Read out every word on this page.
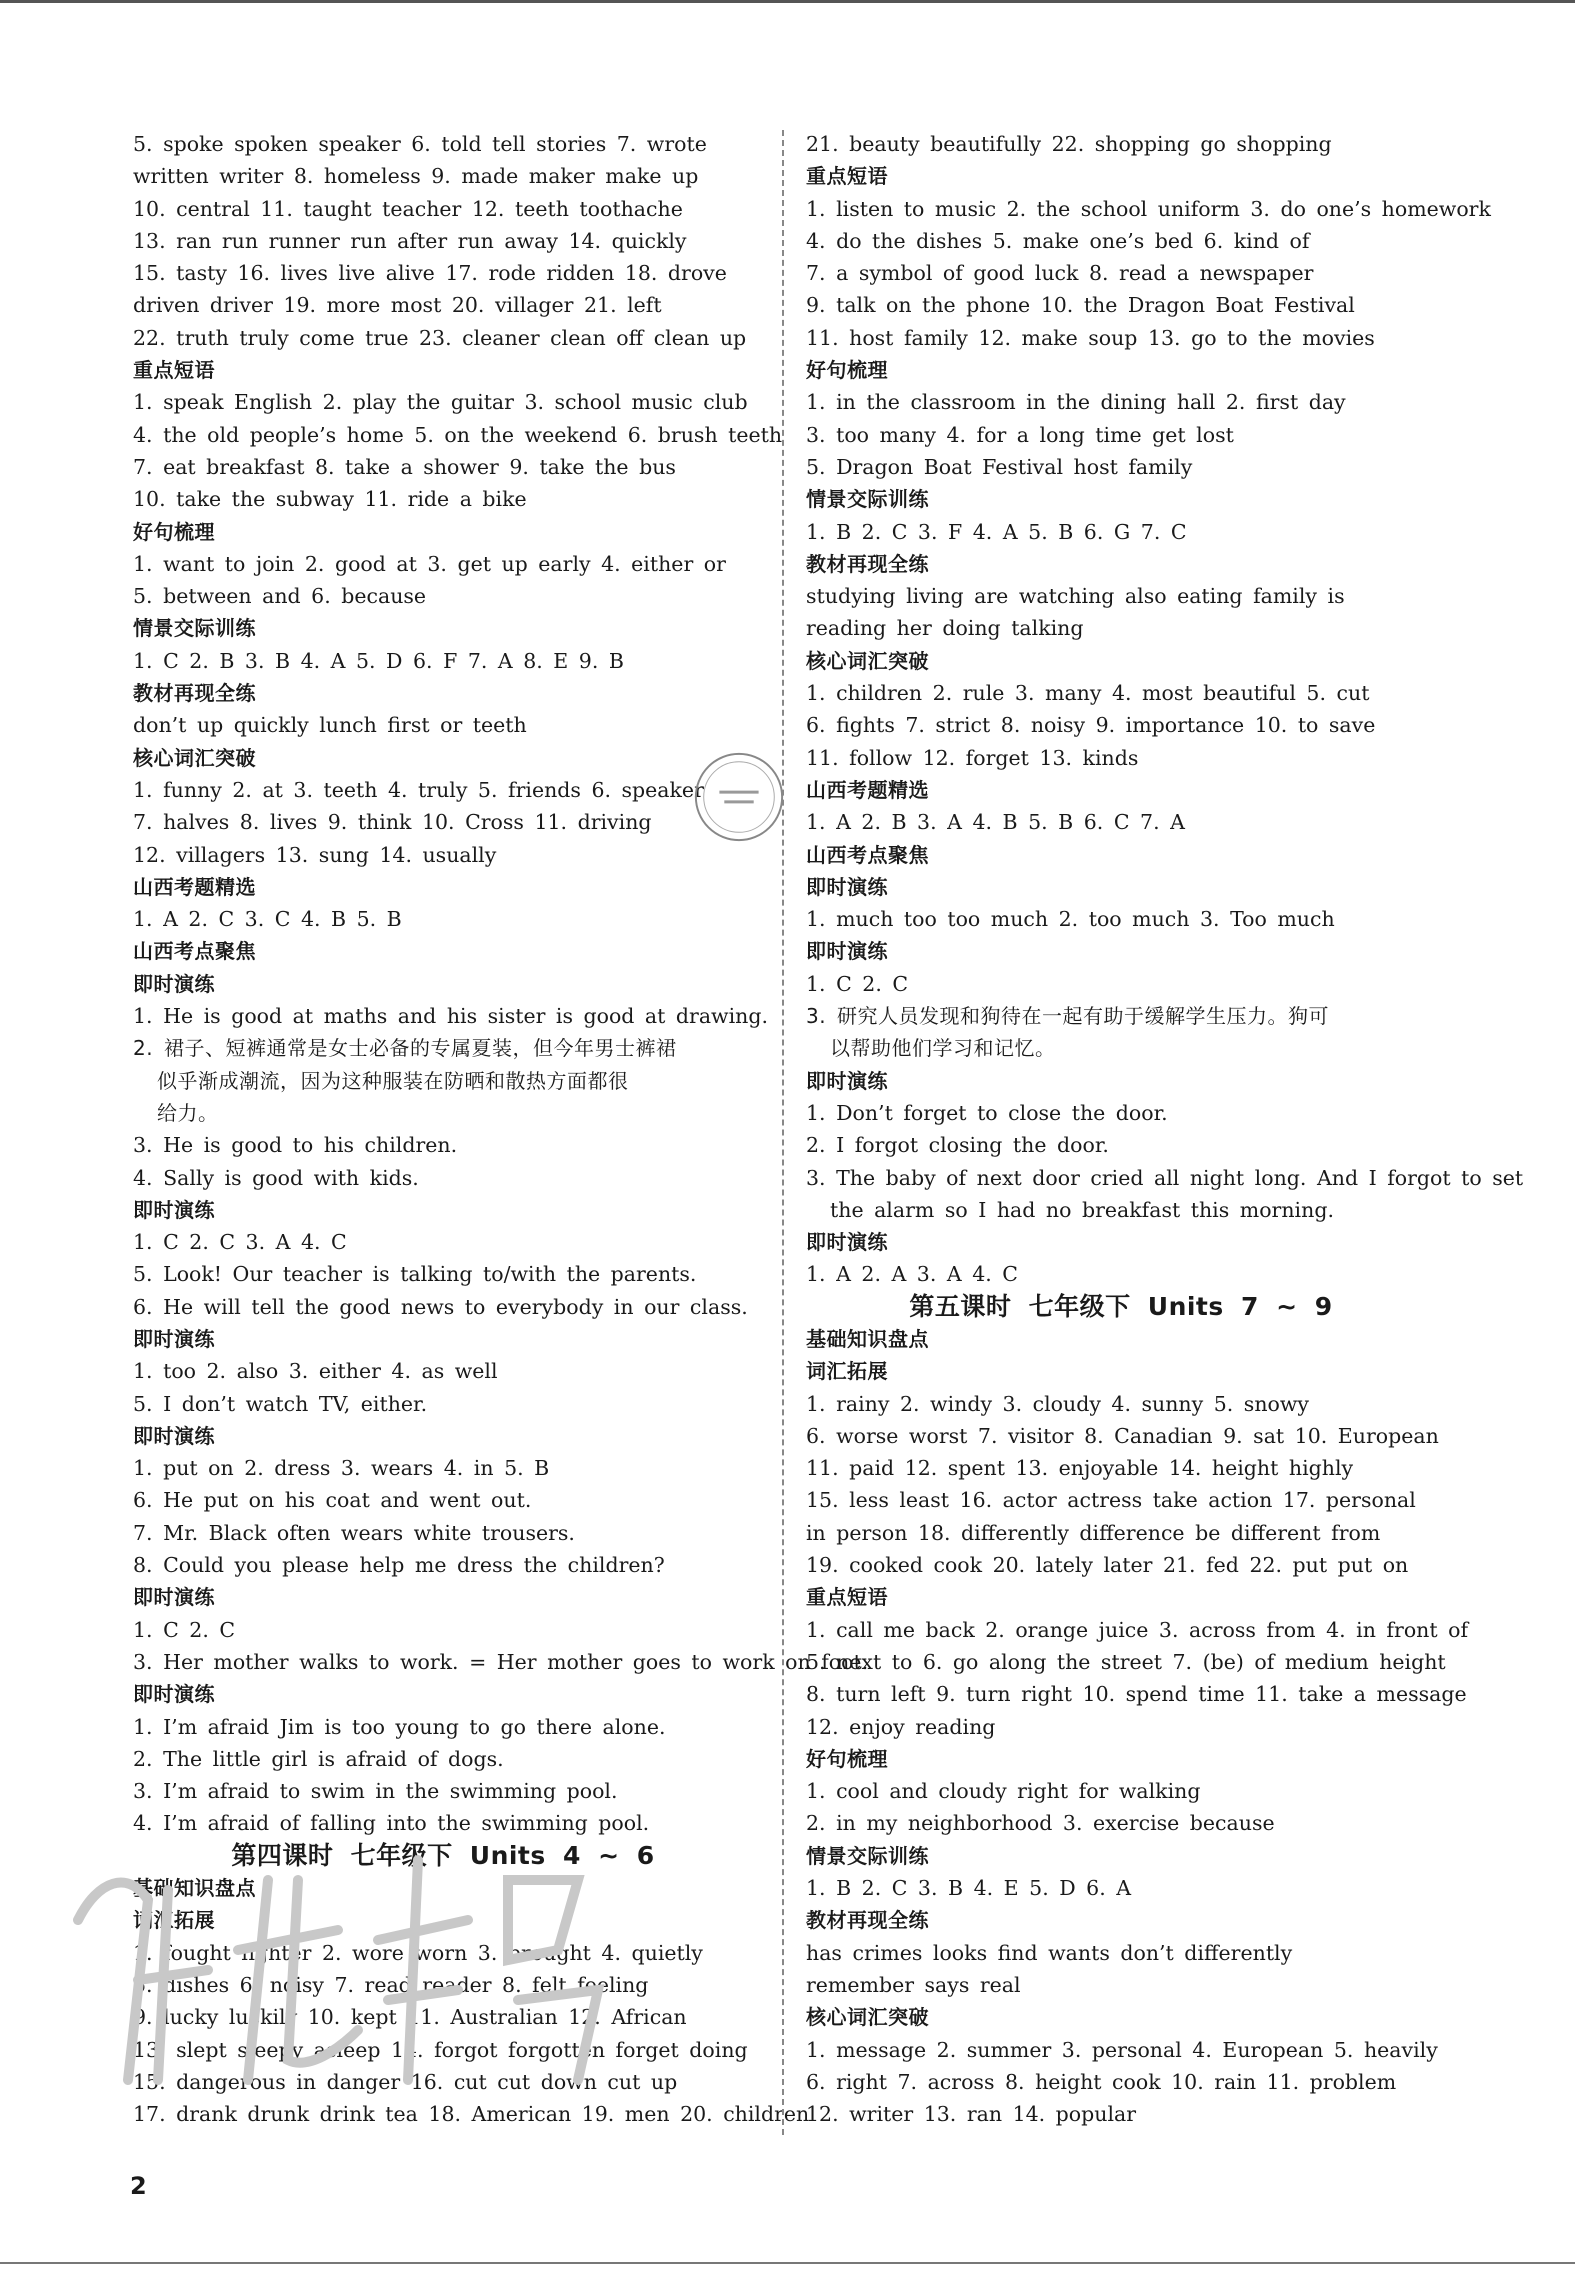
5. spoke spoken speaker 6. told tell stories 7. wrote
written writer 8. homeless 9. made maker make up
10. central 11. taught teacher 12. teeth toothache
13. ran run runner run after run away 14. quickly
15. tasty 16. lives live alive 17. rode ridden 18. drove
driven driver 19. more most 20. villager 21. left
22. truth truly come true 23. cleaner clean off clean up
重点短语
1. speak English 2. play the guitar 3. school music club
4. the old people’s home 5. on the weekend 6. brush teeth
7. eat breakfast 8. take a shower 9. take the bus
10. take the subway 11. ride a bike
好句梳理
1. want to join 2. good at 3. get up early 4. either or
5. between and 6. because
情景交际训练
1. C 2. B 3. B 4. A 5. D 6. F 7. A 8. E 9. B
教材再现全练
don’t up quickly lunch first or teeth
核心词汇突破
1. funny 2. at 3. teeth 4. truly 5. friends 6. speaker
7. halves 8. lives 9. think 10. Cross 11. driving
12. villagers 13. sung 14. usually
山西考题精选
1. A 2. C 3. C 4. B 5. B
山西考点聚焦
即时演练
1. He is good at maths and his sister is good at drawing.
2. 裙子、短裤通常是女士必备的专属夏装，但今年男士裤裙
似乎渐成潮流，因为这种服装在防晒和散热方面都很
给力。
3. He is good to his children.
4. Sally is good with kids.
即时演练
1. C 2. C 3. A 4. C
5. Look! Our teacher is talking to/with the parents.
6. He will tell the good news to everybody in our class.
即时演练
1. too 2. also 3. either 4. as well
5. I don’t watch TV, either.
即时演练
1. put on 2. dress 3. wears 4. in 5. B
6. He put on his coat and went out.
7. Mr. Black often wears white trousers.
8. Could you please help me dress the children?
即时演练
1. C 2. C
3. Her mother walks to work. = Her mother goes to work on foot.
即时演练
1. I’m afraid Jim is too young to go there alone.
2. The little girl is afraid of dogs.
3. I’m afraid to swim in the swimming pool.
4. I’m afraid of falling into the swimming pool.
第四课时 七年级下 Units 4 ~ 6
基础知识盘点
词汇拓展
1. fought fighter 2. wore worn 3. brought 4. quietly
5. dishes 6. noisy 7. read reader 8. felt feeling
9. lucky luckily 10. kept 11. Australian 12. African
13. slept sleepy asleep 14. forgot forgotten forget doing
15. dangerous in danger 16. cut cut down cut up
17. drank drunk drink tea 18. American 19. men 20. children
21. beauty beautifully 22. shopping go shopping
重点短语
1. listen to music 2. the school uniform 3. do one’s homework
4. do the dishes 5. make one’s bed 6. kind of
7. a symbol of good luck 8. read a newspaper
9. talk on the phone 10. the Dragon Boat Festival
11. host family 12. make soup 13. go to the movies
好句梳理
1. in the classroom in the dining hall 2. first day
3. too many 4. for a long time get lost
5. Dragon Boat Festival host family
情景交际训练
1. B 2. C 3. F 4. A 5. B 6. G 7. C
教材再现全练
studying living are watching also eating family is
reading her doing talking
核心词汇突破
1. children 2. rule 3. many 4. most beautiful 5. cut
6. fights 7. strict 8. noisy 9. importance 10. to save
11. follow 12. forget 13. kinds
山西考题精选
1. A 2. B 3. A 4. B 5. B 6. C 7. A
山西考点聚焦
即时演练
1. much too too much 2. too much 3. Too much
即时演练
1. C 2. C
3. 研究人员发现和狗待在一起有助于缓解学生压力。狗可
以帮助他们学习和记忆。
即时演练
1. Don’t forget to close the door.
2. I forgot closing the door.
3. The baby of next door cried all night long. And I forgot to set
the alarm so I had no breakfast this morning.
即时演练
1. A 2. A 3. A 4. C
第五课时 七年级下 Units 7 ~ 9
基础知识盘点
词汇拓展
1. rainy 2. windy 3. cloudy 4. sunny 5. snowy
6. worse worst 7. visitor 8. Canadian 9. sat 10. European
11. paid 12. spent 13. enjoyable 14. height highly
15. less least 16. actor actress take action 17. personal
in person 18. differently difference be different from
19. cooked cook 20. lately later 21. fed 22. put put on
重点短语
1. call me back 2. orange juice 3. across from 4. in front of
5. next to 6. go along the street 7. (be) of medium height
8. turn left 9. turn right 10. spend time 11. take a message
12. enjoy reading
好句梳理
1. cool and cloudy right for walking
2. in my neighborhood 3. exercise because
情景交际训练
1. B 2. C 3. B 4. E 5. D 6. A
教材再现全练
has crimes looks find wants don’t differently
remember says real
核心词汇突破
1. message 2. summer 3. personal 4. European 5. heavily
6. right 7. across 8. height cook 10. rain 11. problem
12. writer 13. ran 14. popular
2
